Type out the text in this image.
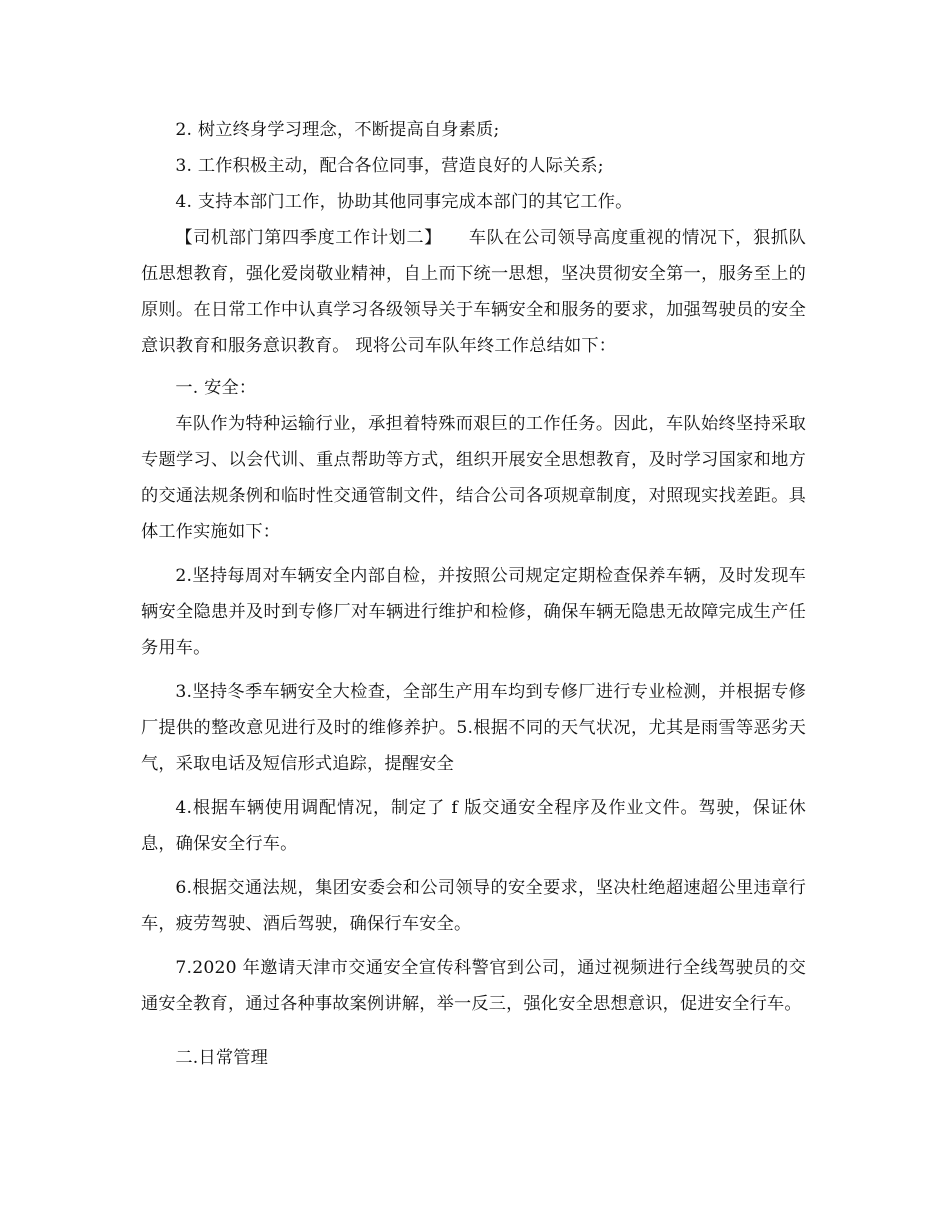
2. 树立终身学习理念，不断提高自身素质;

3. 工作积极主动，配合各位同事，营造良好的人际关系;

4. 支持本部门工作，协助其他同事完成本部门的其它工作。

【司机部门第四季度工作计划二】　　车队在公司领导高度重视的情况下，狠抓队伍思想教育，强化爱岗敬业精神，自上而下统一思想，坚决贯彻安全第一，服务至上的原则。在日常工作中认真学习各级领导关于车辆安全和服务的要求，加强驾驶员的安全意识教育和服务意识教育。 现将公司车队年终工作总结如下：

一. 安全：

车队作为特种运输行业，承担着特殊而艰巨的工作任务。因此，车队始终坚持采取专题学习、以会代训、重点帮助等方式，组织开展安全思想教育，及时学习国家和地方的交通法规条例和临时性交通管制文件，结合公司各项规章制度，对照现实找差距。具体工作实施如下：

2.坚持每周对车辆安全内部自检，并按照公司规定定期检查保养车辆，及时发现车辆安全隐患并及时到专修厂对车辆进行维护和检修，确保车辆无隐患无故障完成生产任务用车。

3.坚持冬季车辆安全大检查，全部生产用车均到专修厂进行专业检测，并根据专修厂提供的整改意见进行及时的维修养护。5.根据不同的天气状况，尤其是雨雪等恶劣天气，采取电话及短信形式追踪，提醒安全

4.根据车辆使用调配情况，制定了 f 版交通安全程序及作业文件。驾驶，保证休息，确保安全行车。

6.根据交通法规，集团安委会和公司领导的安全要求，坚决杜绝超速超公里违章行车，疲劳驾驶、酒后驾驶，确保行车安全。

7.2020 年邀请天津市交通安全宣传科警官到公司，通过视频进行全线驾驶员的交通安全教育，通过各种事故案例讲解，举一反三，强化安全思想意识，促进安全行车。

二.日常管理
